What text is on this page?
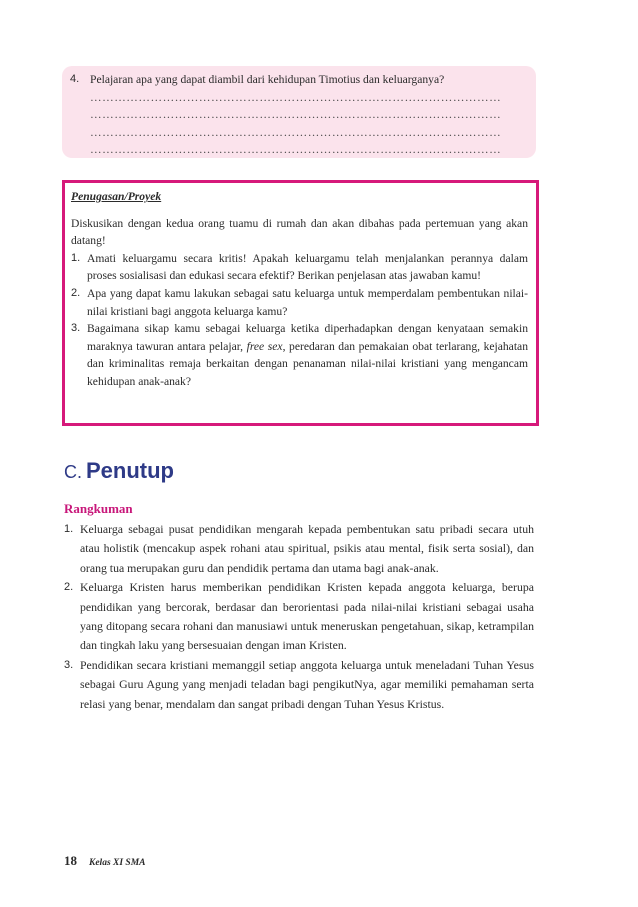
4. Pelajaran apa yang dapat diambil dari kehidupan Timotius dan keluarganya?
…………………………………………………………………………………………
…………………………………………………………………………………………
…………………………………………………………………………………………
…………………………………………………………………………………………
Penugasan/Proyek
Diskusikan dengan kedua orang tuamu di rumah dan akan dibahas pada pertemuan yang akan datang!
1. Amati keluargamu secara kritis! Apakah keluargamu telah menjalankan perannya dalam proses sosialisasi dan edukasi secara efektif? Berikan penjelasan atas jawaban kamu!
2. Apa yang dapat kamu lakukan sebagai satu keluarga untuk memperdalam pembentukan nilai-nilai kristiani bagi anggota keluarga kamu?
3. Bagaimana sikap kamu sebagai keluarga ketika diperhadapkan dengan kenyataan semakin maraknya tawuran antara pelajar, free sex, peredaran dan pemakaian obat terlarang, kejahatan dan kriminalitas remaja berkaitan dengan penanaman nilai-nilai kristiani yang mengancam kehidupan anak-anak?
C. Penutup
Rangkuman
1. Keluarga sebagai pusat pendidikan mengarah kepada pembentukan satu pribadi secara utuh atau holistik (mencakup aspek rohani atau spiritual, psikis atau mental, fisik serta sosial), dan orang tua merupakan guru dan pendidik pertama dan utama bagi anak-anak.
2. Keluarga Kristen harus memberikan pendidikan Kristen kepada anggota keluarga, berupa pendidikan yang bercorak, berdasar dan berorientasi pada nilai-nilai kristiani sebagai usaha yang ditopang secara rohani dan manusiawi untuk meneruskan pengetahuan, sikap, ketrampilan dan tingkah laku yang bersesuaian dengan iman Kristen.
3. Pendidikan secara kristiani memanggil setiap anggota keluarga untuk meneladani Tuhan Yesus sebagai Guru Agung yang menjadi teladan bagi pengikutNya, agar memiliki pemahaman serta relasi yang benar, mendalam dan sangat pribadi dengan Tuhan Yesus Kristus.
18 Kelas XI SMA
